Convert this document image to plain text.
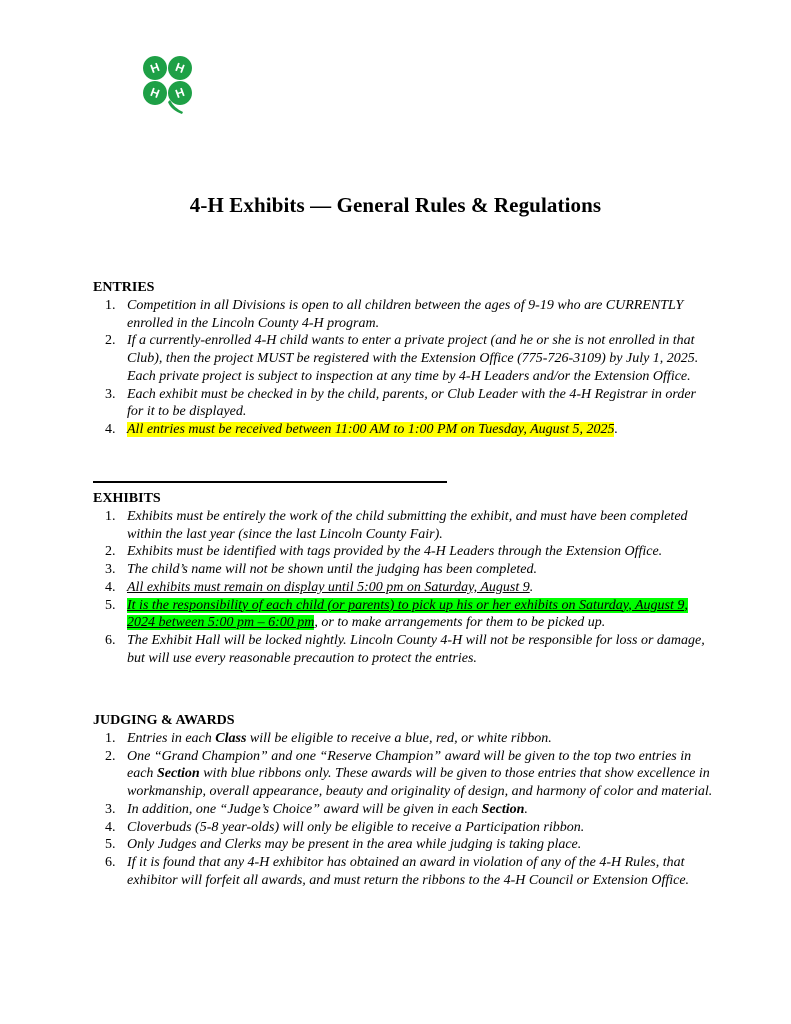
H H
H H
4-H Exhibits — General Rules & Regulations
ENTRIES
1. Competition in all Divisions is open to all children between the ages of 9-19 who are CURRENTLY enrolled in the Lincoln County 4-H program.
2. If a currently-enrolled 4-H child wants to enter a private project (and he or she is not enrolled in that Club), then the project MUST be registered with the Extension Office (775-726-3109) by July 1, 2025. Each private project is subject to inspection at any time by 4-H Leaders and/or the Extension Office.
3. Each exhibit must be checked in by the child, parents, or Club Leader with the 4-H Registrar in order for it to be displayed.
4. All entries must be received between 11:00 AM to 1:00 PM on Tuesday, August 5, 2025.
EXHIBITS
1. Exhibits must be entirely the work of the child submitting the exhibit, and must have been completed within the last year (since the last Lincoln County Fair).
2. Exhibits must be identified with tags provided by the 4-H Leaders through the Extension Office.
3. The child’s name will not be shown until the judging has been completed.
4. All exhibits must remain on display until 5:00 pm on Saturday, August 9.
5. It is the responsibility of each child (or parents) to pick up his or her exhibits on Saturday, August 9, 2024 between 5:00 pm – 6:00 pm, or to make arrangements for them to be picked up.
6. The Exhibit Hall will be locked nightly. Lincoln County 4-H will not be responsible for loss or damage, but will use every reasonable precaution to protect the entries.
JUDGING & AWARDS
1. Entries in each Class will be eligible to receive a blue, red, or white ribbon.
2. One “Grand Champion” and one “Reserve Champion” award will be given to the top two entries in each Section with blue ribbons only. These awards will be given to those entries that show excellence in workmanship, overall appearance, beauty and originality of design, and harmony of color and material.
3. In addition, one “Judge’s Choice” award will be given in each Section.
4. Cloverbuds (5-8 year-olds) will only be eligible to receive a Participation ribbon.
5. Only Judges and Clerks may be present in the area while judging is taking place.
6. If it is found that any 4-H exhibitor has obtained an award in violation of any of the 4-H Rules, that exhibitor will forfeit all awards, and must return the ribbons to the 4-H Council or Extension Office.
